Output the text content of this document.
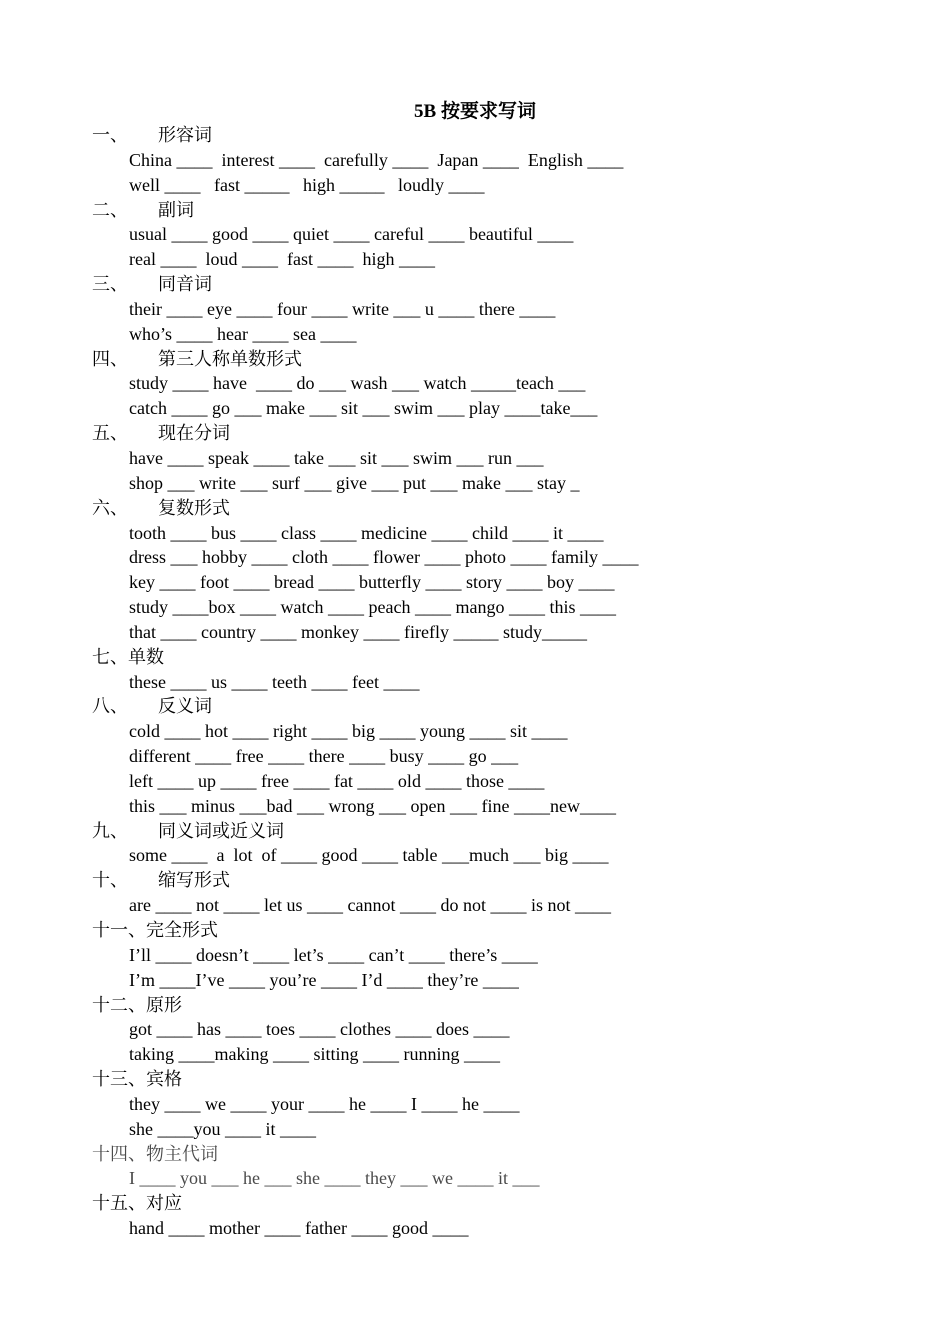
5B 按要求写词
一、 形容词
China ____  interest ____  carefully ____  Japan ____  English ____
well ____   fast _____   high _____   loudly ____
二、 副词
usual ____ good ____ quiet ____ careful ____ beautiful ____
real ____  loud ____  fast ____  high ____
三、 同音词
their ____ eye ____ four ____ write ___ u ____ there ____
who’s ____ hear ____ sea ____
四、 第三人称单数形式
study ____ have  ____ do ___ wash ___ watch _____teach ___
catch ____ go ___ make ___ sit ___ swim ___ play ____take___
五、 现在分词
have ____ speak ____ take ___ sit ___ swim ___ run ___
shop ___ write ___ surf ___ give ___ put ___ make ___ stay _
六、 复数形式
tooth ____ bus ____ class ____ medicine ____ child ____ it ____
dress ___ hobby ____ cloth ____ flower ____ photo ____ family ____
key ____ foot ____ bread ____ butterfly ____ story ____ boy ____
study ____box ____ watch ____ peach ____ mango ____ this ____
that ____ country ____ monkey ____ firefly _____ study_____
七、单数
these ____ us ____ teeth ____ feet ____
八、 反义词
cold ____ hot ____ right ____ big ____ young ____ sit ____
different ____ free ____ there ____ busy ____ go ___
left ____ up ____ free ____ fat ____ old ____ those ____
this ___ minus ___bad ___ wrong ___ open ___ fine ____new____
九、 同义词或近义词
some ____  a  lot  of ____ good ____ table ___much ___ big ____
十、 缩写形式
are ____ not ____ let us ____ cannot ____ do not ____ is not ____
十一、完全形式
I’ll ____ doesn’t ____ let’s ____ can’t ____ there’s ____
I’m ____I’ve ____ you’re ____ I’d ____ they’re ____
十二、原形
got ____ has ____ toes ____ clothes ____ does ____
taking ____making ____ sitting ____ running ____
十三、宾格
they ____ we ____ your ____ he ____ I ____ he ____
she ____you ____ it ____
十四、物主代词
I ____ you ___ he ___ she ____ they ___ we ____ it ___
十五、对应
hand ____ mother ____ father ____ good ____
